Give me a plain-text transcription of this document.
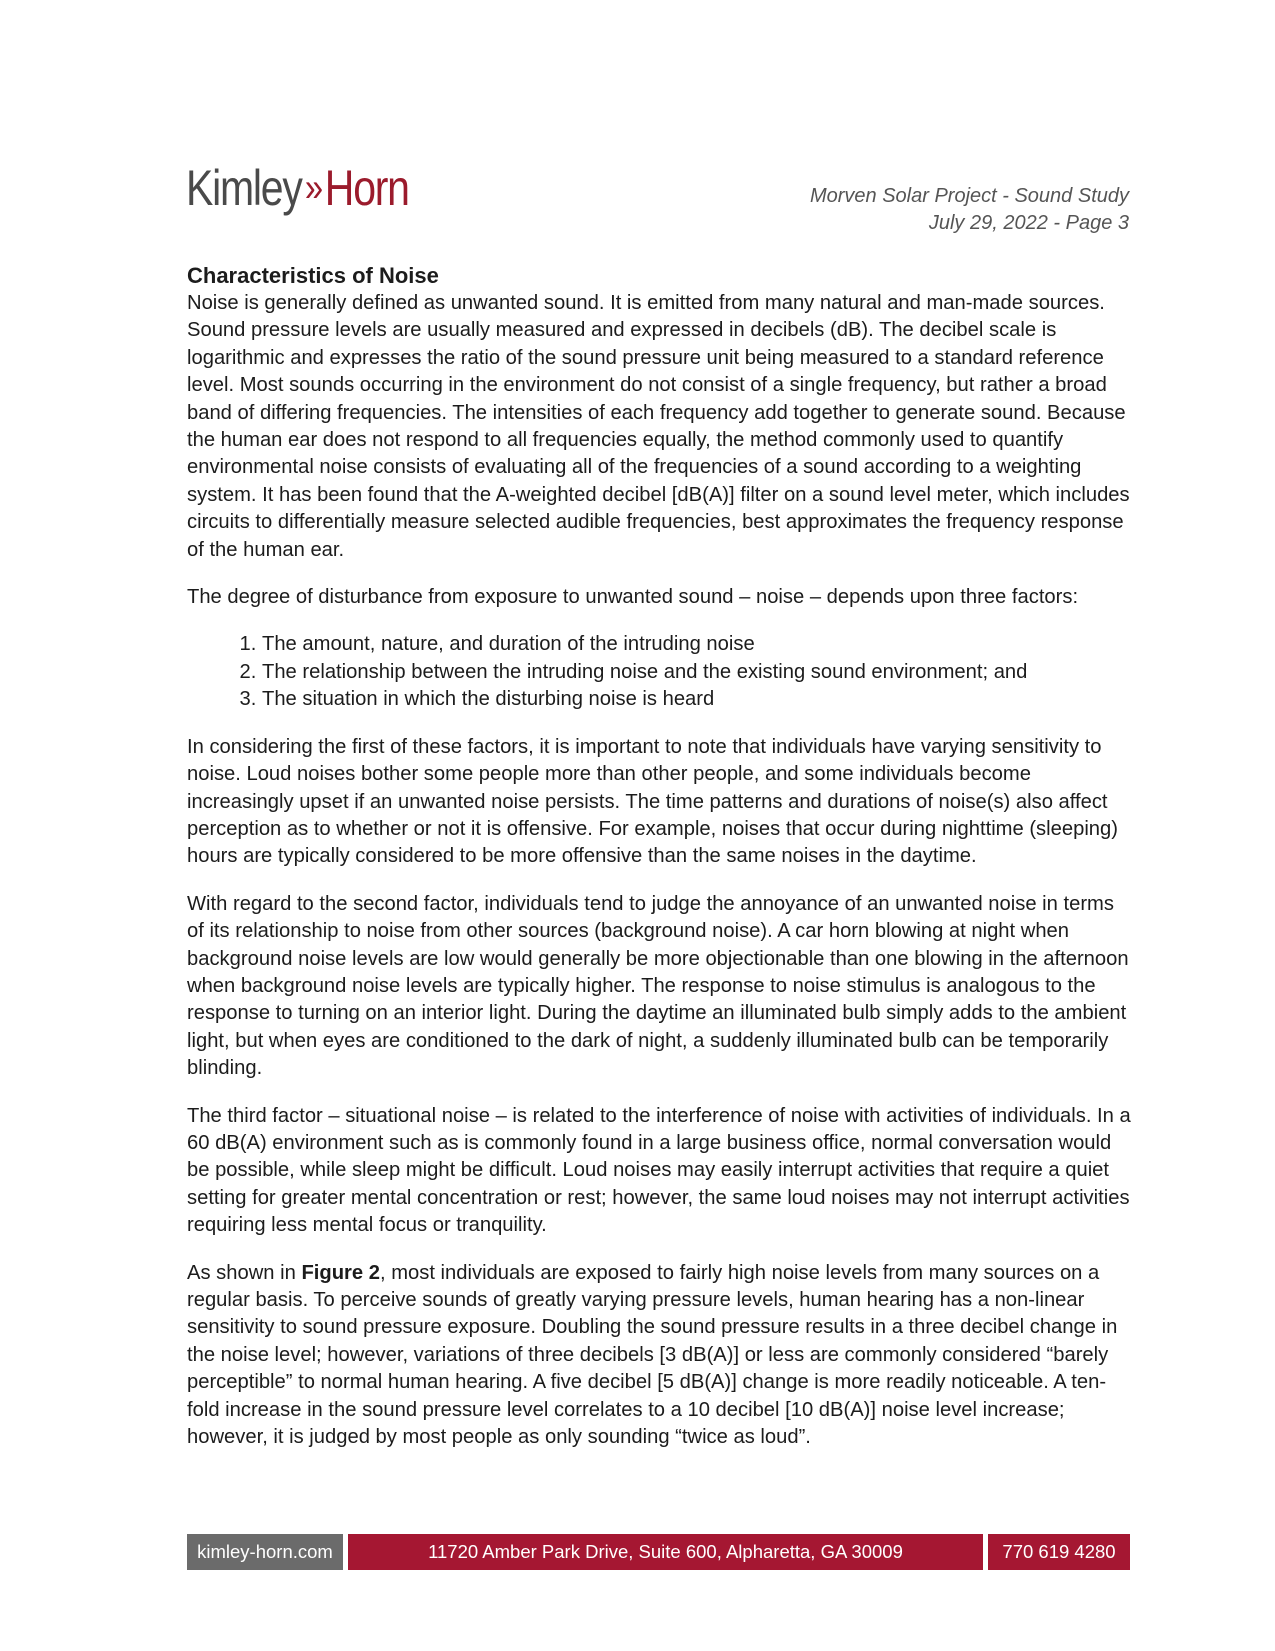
Kimley» Horn	Morven Solar Project - Sound Study
July 29, 2022 - Page 3
Characteristics of Noise

Noise is generally defined as unwanted sound. It is emitted from many natural and man-made sources. Sound pressure levels are usually measured and expressed in decibels (dB). The decibel scale is logarithmic and expresses the ratio of the sound pressure unit being measured to a standard reference level. Most sounds occurring in the environment do not consist of a single frequency, but rather a broad band of differing frequencies. The intensities of each frequency add together to generate sound. Because the human ear does not respond to all frequencies equally, the method commonly used to quantify environmental noise consists of evaluating all of the frequencies of a sound according to a weighting system. It has been found that the A-weighted decibel [dB(A)] filter on a sound level meter, which includes circuits to differentially measure selected audible frequencies, best approximates the frequency response of the human ear.

The degree of disturbance from exposure to unwanted sound – noise – depends upon three factors:

1. The amount, nature, and duration of the intruding noise
2. The relationship between the intruding noise and the existing sound environment; and
3. The situation in which the disturbing noise is heard

In considering the first of these factors, it is important to note that individuals have varying sensitivity to noise. Loud noises bother some people more than other people, and some individuals become increasingly upset if an unwanted noise persists. The time patterns and durations of noise(s) also affect perception as to whether or not it is offensive. For example, noises that occur during nighttime (sleeping) hours are typically considered to be more offensive than the same noises in the daytime.

With regard to the second factor, individuals tend to judge the annoyance of an unwanted noise in terms of its relationship to noise from other sources (background noise). A car horn blowing at night when background noise levels are low would generally be more objectionable than one blowing in the afternoon when background noise levels are typically higher. The response to noise stimulus is analogous to the response to turning on an interior light. During the daytime an illuminated bulb simply adds to the ambient light, but when eyes are conditioned to the dark of night, a suddenly illuminated bulb can be temporarily blinding.

The third factor – situational noise – is related to the interference of noise with activities of individuals. In a 60 dB(A) environment such as is commonly found in a large business office, normal conversation would be possible, while sleep might be difficult. Loud noises may easily interrupt activities that require a quiet setting for greater mental concentration or rest; however, the same loud noises may not interrupt activities requiring less mental focus or tranquility.

As shown in Figure 2, most individuals are exposed to fairly high noise levels from many sources on a regular basis. To perceive sounds of greatly varying pressure levels, human hearing has a non-linear sensitivity to sound pressure exposure. Doubling the sound pressure results in a three decibel change in the noise level; however, variations of three decibels [3 dB(A)] or less are commonly considered “barely perceptible” to normal human hearing. A five decibel [5 dB(A)] change is more readily noticeable. A ten-fold increase in the sound pressure level correlates to a 10 decibel [10 dB(A)] noise level increase; however, it is judged by most people as only sounding “twice as loud”.

kimley-horn.com	11720 Amber Park Drive, Suite 600, Alpharetta, GA 30009	770 619 4280
